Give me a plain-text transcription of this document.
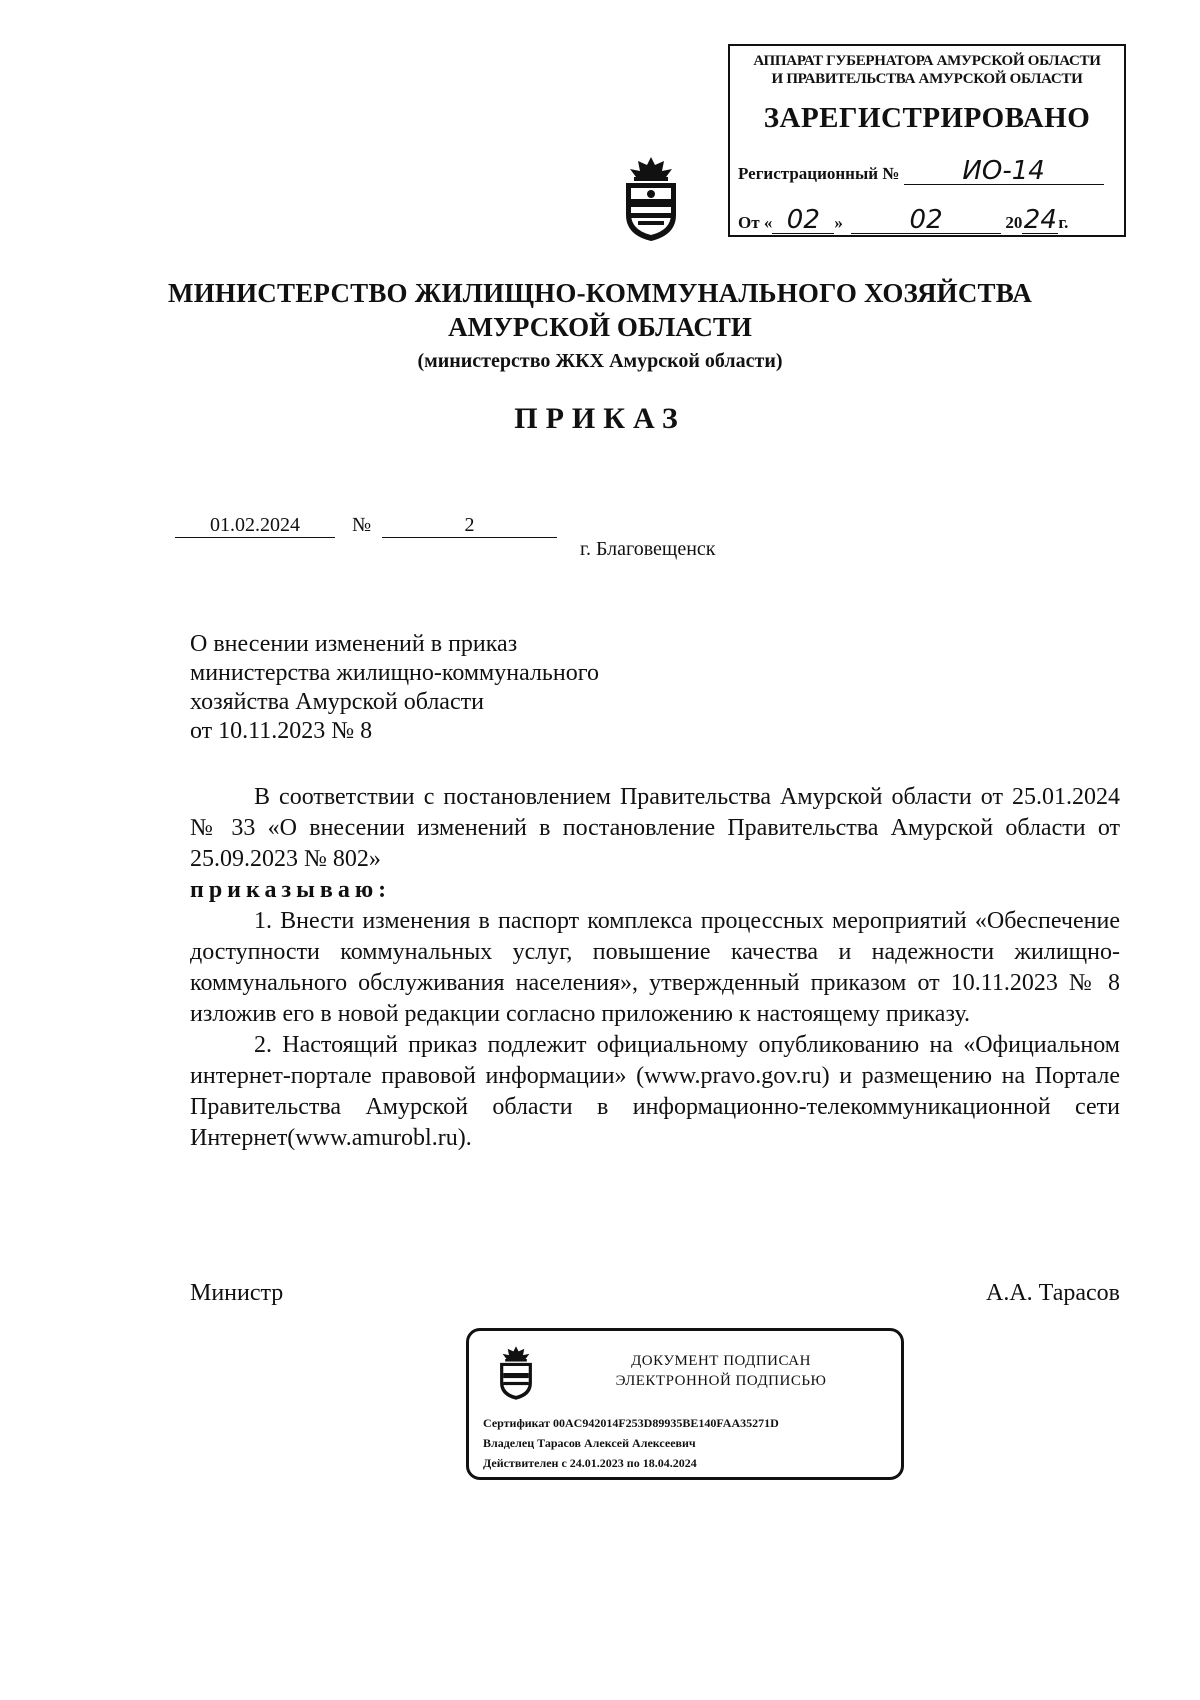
АППАРАТ ГУБЕРНАТОРА АМУРСКОЙ ОБЛАСТИ
И ПРАВИТЕЛЬСТВА АМУРСКОЙ ОБЛАСТИ
ЗАРЕГИСТРИРОВАНО
Регистрационный № ИО-14
От « 02 »	02	2024г.
МИНИСТЕРСТВО ЖИЛИЩНО-КОММУНАЛЬНОГО ХОЗЯЙСТВА
АМУРСКОЙ ОБЛАСТИ
(министерство ЖКХ Амурской области)
ПРИКАЗ
01.02.2024	№	2
г. Благовещенск
О внесении изменений в приказ
министерства жилищно-коммунального
хозяйства Амурской области
от 10.11.2023 № 8

В соответствии с постановлением Правительства Амурской области от 25.01.2024 № 33 «О внесении изменений в постановление Правительства Амурской области от 25.09.2023 № 802»

приказываю:

1. Внести изменения в паспорт комплекса процессных мероприятий «Обеспечение доступности коммунальных услуг, повышение качества и надежности жилищно-коммунального обслуживания населения», утвержденный приказом от 10.11.2023 № 8 изложив его в новой редакции согласно приложению к настоящему приказу.

2. Настоящий приказ подлежит официальному опубликованию на «Официальном интернет-портале правовой информации» (www.pravo.gov.ru) и размещению на Портале Правительства Амурской области в информационно-телекоммуникационной сети Интернет(www.amurobl.ru).

Министр	А.А. Тарасов
ДОКУМЕНТ ПОДПИСАН
ЭЛЕКТРОННОЙ ПОДПИСЬЮ
Сертификат 00AC942014F253D89935BE140FAA35271D
Владелец Тарасов Алексей Алексеевич
Действителен с 24.01.2023 по 18.04.2024
